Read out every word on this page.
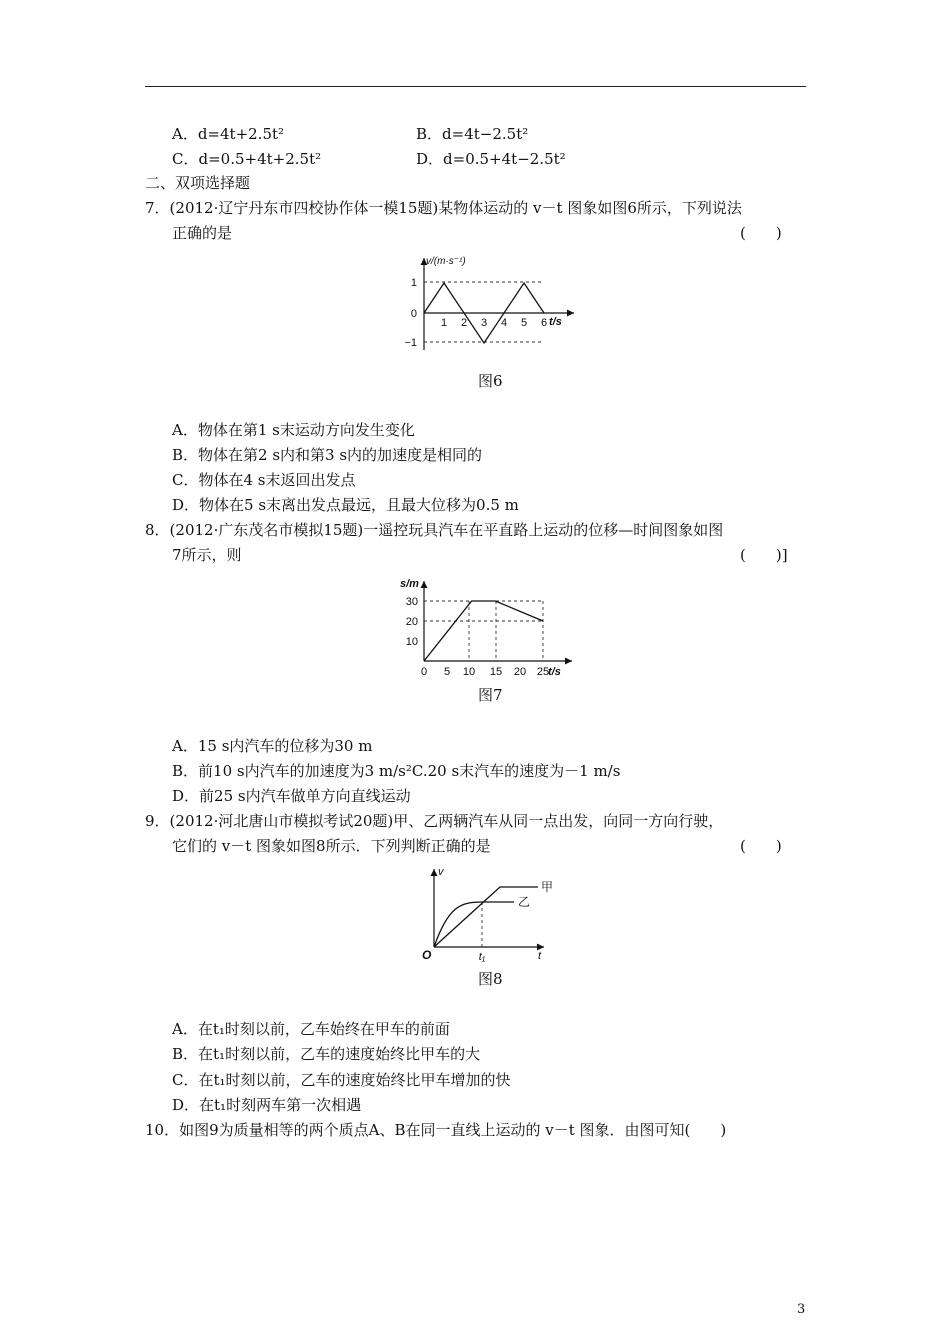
A．d=4t+2.5t²	B．d=4t−2.5t²
C．d=0.5+4t+2.5t²	D．d=0.5+4t−2.5t²
二、双项选择题
7．(2012·辽宁丹东市四校协作体一模15题)某物体运动的 v－t 图象如图6所示，下列说法
正确的是	(　　)
v/(m·s⁻¹)
t/s
1
0
−1
1 2 3 4 5 6
图6
A．物体在第1 s末运动方向发生变化
B．物体在第2 s内和第3 s内的加速度是相同的
C．物体在4 s末返回出发点
D．物体在5 s末离出发点最远，且最大位移为0.5 m
8．(2012·广东茂名市模拟15题)一遥控玩具汽车在平直路上运动的位移—时间图象如图
7所示，则	(　　)]
s/m
t/s
30
20
10
0 5 10 15 20 25
图7
A．15 s内汽车的位移为30 m
B．前10 s内汽车的加速度为3 m/s²C.20 s末汽车的速度为－1 m/s
D．前25 s内汽车做单方向直线运动
9．(2012·河北唐山市模拟考试20题)甲、乙两辆汽车从同一点出发，向同一方向行驶，
它们的 v－t 图象如图8所示．下列判断正确的是	(　　)
v
t
O	t₁
甲
乙
图8
A．在t₁时刻以前，乙车始终在甲车的前面
B．在t₁时刻以前，乙车的速度始终比甲车的大
C．在t₁时刻以前，乙车的速度始终比甲车增加的快
D．在t₁时刻两车第一次相遇
10．如图9为质量相等的两个质点A、B在同一直线上运动的 v－t 图象．由图可知(　　)
3
